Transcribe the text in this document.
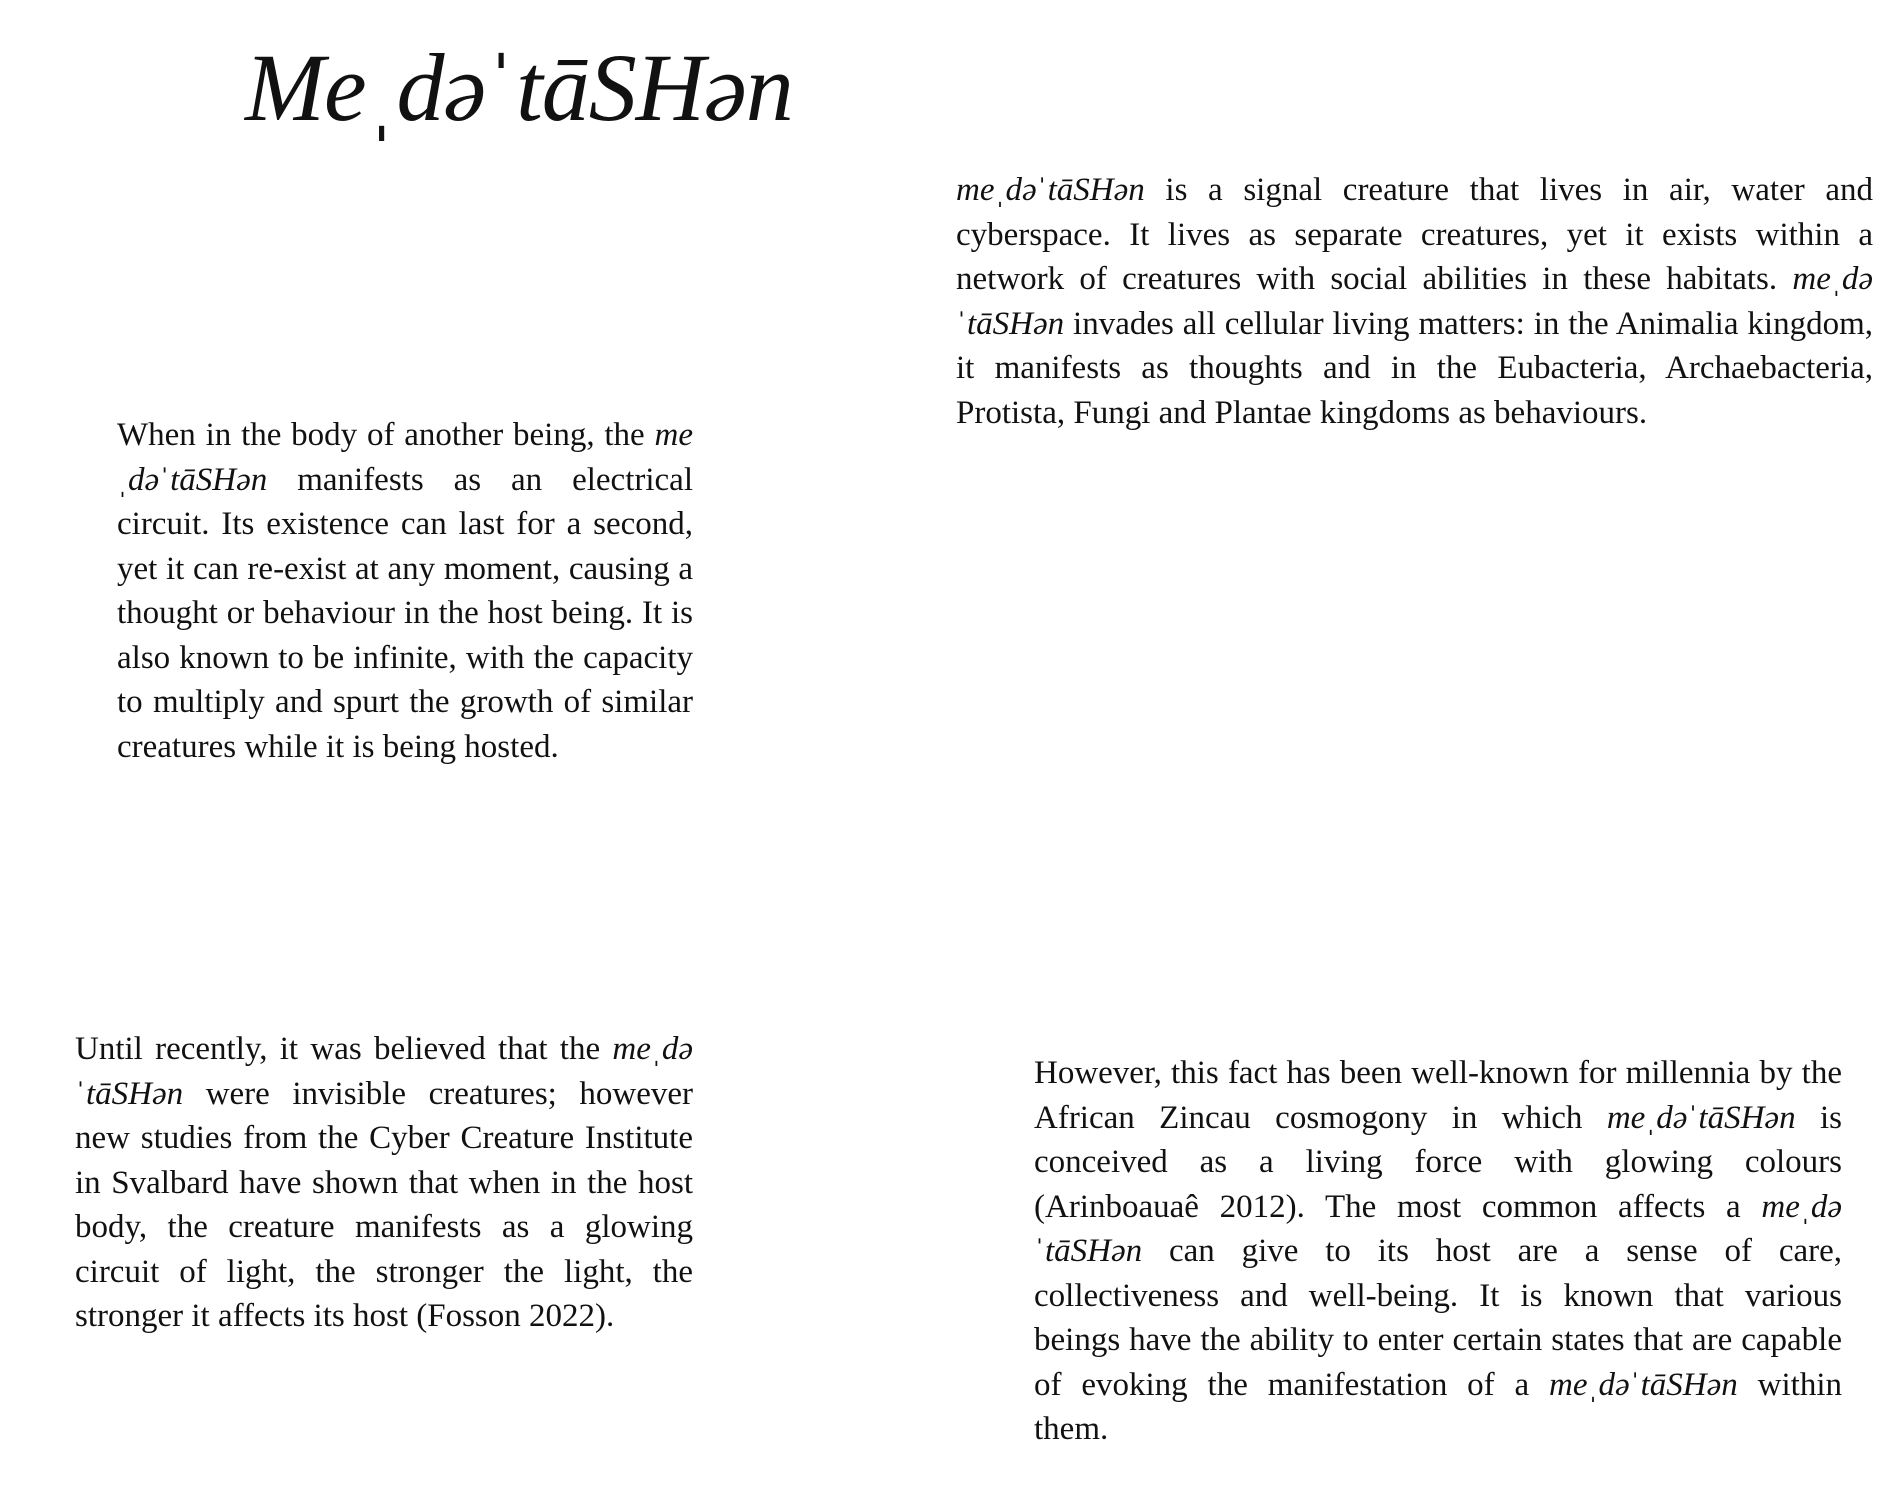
MeˌdəˈtāSHən

meˌdəˈtāSHən is a signal creature that lives in air, water and cyberspace. It lives as separate creatures, yet it exists within a network of creatures with social abilities in these habitats. meˌdəˈtāSHən invades all cellular living matters: in the Animalia kingdom, it manifests as thoughts and in the Eubacteria, Archaebacteria, Protista, Fungi and Plantae kingdoms as behaviours.

When in the body of another being, the meˌdəˈtāSHən manifests as an electrical circuit. Its existence can last for a second, yet it can re-exist at any moment, causing a thought or behaviour in the host being. It is also known to be infinite, with the capacity to multiply and spurt the growth of similar creatures while it is being hosted.

Until recently, it was believed that the meˌdəˈtāSHən were invisible creatures; however new studies from the Cyber Creature Institute in Svalbard have shown that when in the host body, the creature manifests as a glowing circuit of light, the stronger the light, the stronger it affects its host (Fosson 2022).

However, this fact has been well-known for millennia by the African Zincau cosmogony in which meˌdəˈtāSHən is conceived as a living force with glowing colours (Arinboauaê 2012). The most common affects a meˌdəˈtāSHən can give to its host are a sense of care, collectiveness and well-being. It is known that various beings have the ability to enter certain states that are capable of evoking the manifestation of a meˌdəˈtāSHən within them.
